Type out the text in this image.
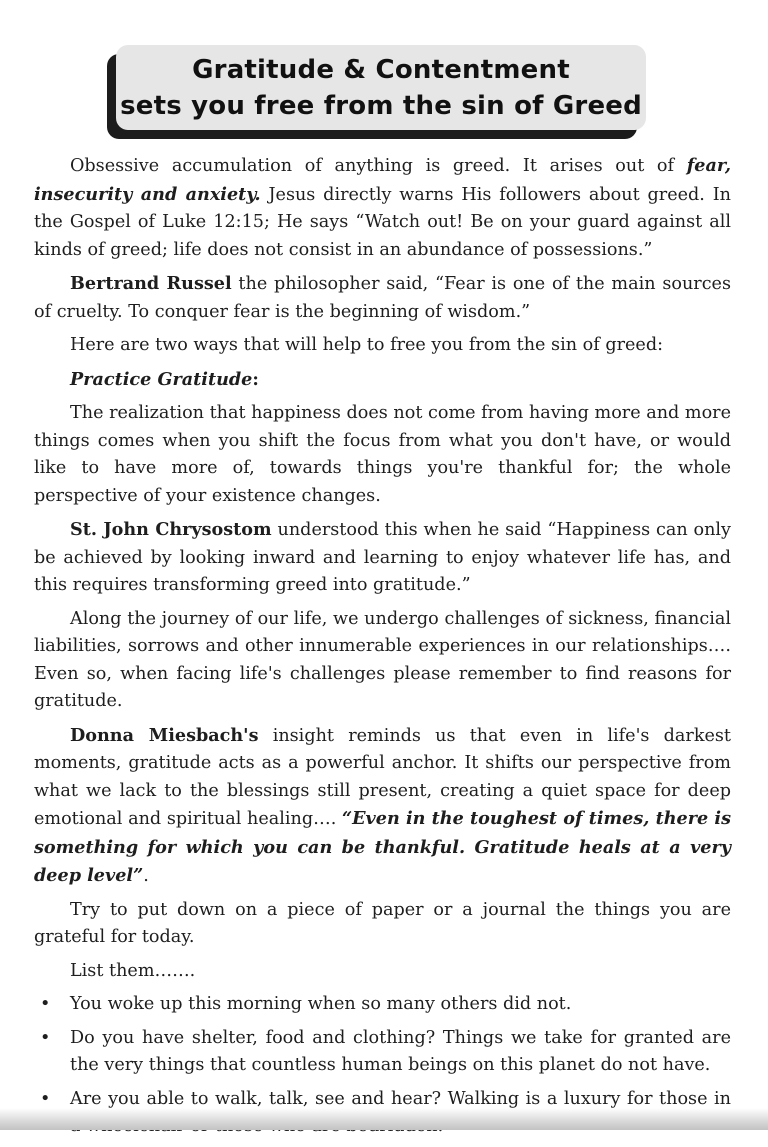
Gratitude & Contentment
sets you free from the sin of Greed

Obsessive accumulation of anything is greed. It arises out of fear, insecurity and anxiety. Jesus directly warns His followers about greed. In the Gospel of Luke 12:15; He says “Watch out! Be on your guard against all kinds of greed; life does not consist in an abundance of possessions.”

Bertrand Russel the philosopher said, “Fear is one of the main sources of cruelty. To conquer fear is the beginning of wisdom.”

Here are two ways that will help to free you from the sin of greed:

Practice Gratitude:

The realization that happiness does not come from having more and more things comes when you shift the focus from what you don't have, or would like to have more of, towards things you're thankful for; the whole perspective of your existence changes.

St. John Chrysostom understood this when he said “Happiness can only be achieved by looking inward and learning to enjoy whatever life has, and this requires transforming greed into gratitude.”

Along the journey of our life, we undergo challenges of sickness, financial liabilities, sorrows and other innumerable experiences in our relationships…. Even so, when facing life's challenges please remember to find reasons for gratitude.

Donna Miesbach's insight reminds us that even in life's darkest moments, gratitude acts as a powerful anchor. It shifts our perspective from what we lack to the blessings still present, creating a quiet space for deep emotional and spiritual healing…. “Even in the toughest of times, there is something for which you can be thankful. Gratitude heals at a very deep level”.

Try to put down on a piece of paper or a journal the things you are grateful for today.

List them…….

• You woke up this morning when so many others did not.
• Do you have shelter, food and clothing? Things we take for granted are the very things that countless human beings on this planet do not have.
• Are you able to walk, talk, see and hear? Walking is a luxury for those in
